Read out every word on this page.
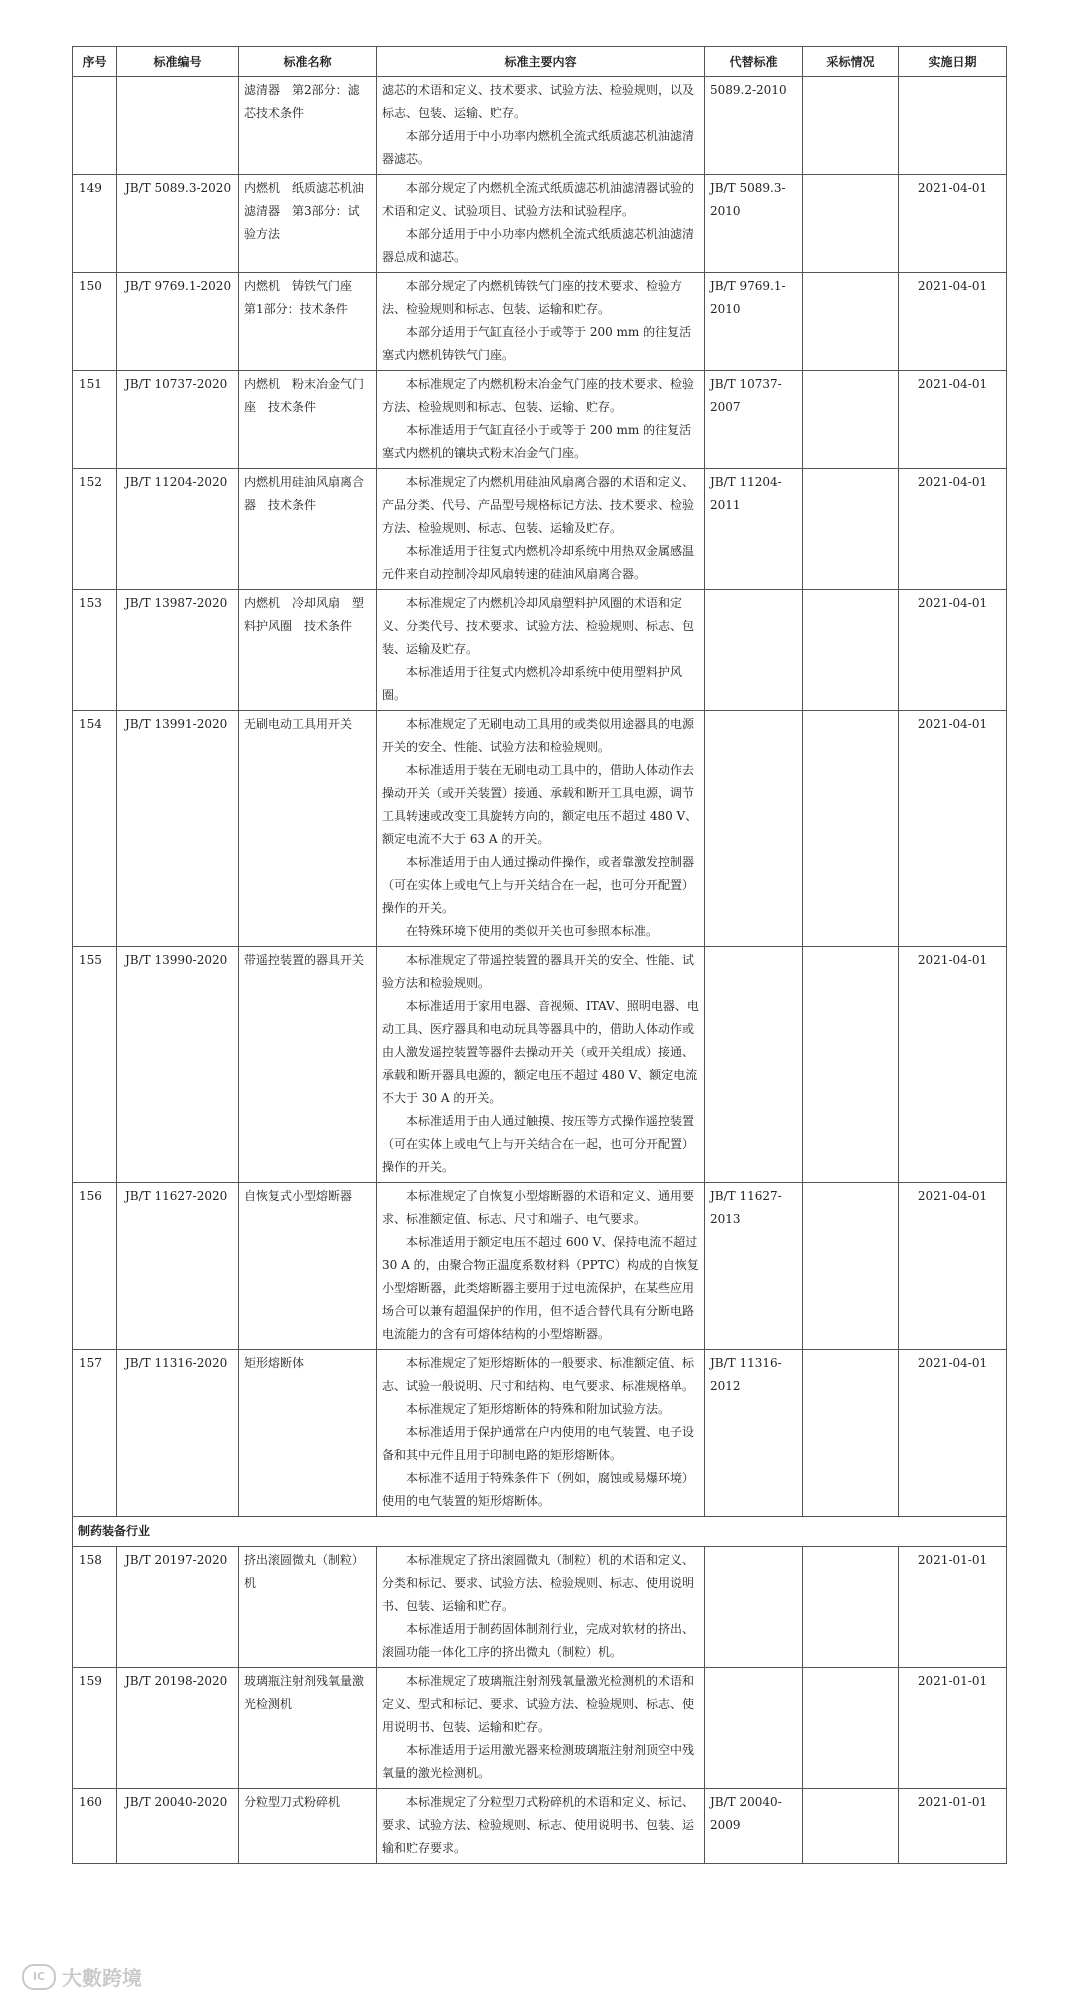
序号	标准编号	标准名称	标准主要内容	代替标准	采标情况	实施日期
		滤清器　第2部分：滤芯技术条件	滤芯的术语和定义、技术要求、试验方法、检验规则，以及标志、包装、运输、贮存。

本部分适用于中小功率内燃机全流式纸质滤芯机油滤清器滤芯。	5089.2-2010		
149	JB/T 5089.3-2020	内燃机　纸质滤芯机油滤清器　第3部分：试验方法	本部分规定了内燃机全流式纸质滤芯机油滤清器试验的术语和定义、试验项目、试验方法和试验程序。

本部分适用于中小功率内燃机全流式纸质滤芯机油滤清器总成和滤芯。	JB/T 5089.3-2010		2021-04-01
150	JB/T 9769.1-2020	内燃机　铸铁气门座　第1部分：技术条件	本部分规定了内燃机铸铁气门座的技术要求、检验方法、检验规则和标志、包装、运输和贮存。

本部分适用于气缸直径小于或等于 200 mm 的往复活塞式内燃机铸铁气门座。	JB/T 9769.1-2010		2021-04-01
151	JB/T 10737-2020	内燃机　粉末冶金气门座　技术条件	本标准规定了内燃机粉末冶金气门座的技术要求、检验方法、检验规则和标志、包装、运输、贮存。

本标准适用于气缸直径小于或等于 200 mm 的往复活塞式内燃机的镶块式粉末冶金气门座。	JB/T 10737-2007		2021-04-01
152	JB/T 11204-2020	内燃机用硅油风扇离合器　技术条件	本标准规定了内燃机用硅油风扇离合器的术语和定义、产品分类、代号、产品型号规格标记方法、技术要求、检验方法、检验规则、标志、包装、运输及贮存。

本标准适用于往复式内燃机冷却系统中用热双金属感温元件来自动控制冷却风扇转速的硅油风扇离合器。	JB/T 11204-2011		2021-04-01
153	JB/T 13987-2020	内燃机　冷却风扇　塑料护风圈　技术条件	本标准规定了内燃机冷却风扇塑料护风圈的术语和定义、分类代号、技术要求、试验方法、检验规则、标志、包装、运输及贮存。

本标准适用于往复式内燃机冷却系统中使用塑料护风圈。			2021-04-01
154	JB/T 13991-2020	无刷电动工具用开关	本标准规定了无刷电动工具用的或类似用途器具的电源开关的安全、性能、试验方法和检验规则。

本标准适用于装在无刷电动工具中的，借助人体动作去操动开关（或开关装置）接通、承载和断开工具电源，调节工具转速或改变工具旋转方向的，额定电压不超过 480 V、额定电流不大于 63 A 的开关。

本标准适用于由人通过操动件操作，或者靠激发控制器（可在实体上或电气上与开关结合在一起，也可分开配置）操作的开关。

在特殊环境下使用的类似开关也可参照本标准。			2021-04-01
155	JB/T 13990-2020	带遥控装置的器具开关	本标准规定了带遥控装置的器具开关的安全、性能、试验方法和检验规则。

本标准适用于家用电器、音视频、ITAV、照明电器、电动工具、医疗器具和电动玩具等器具中的，借助人体动作或由人激发遥控装置等器件去操动开关（或开关组成）接通、承载和断开器具电源的，额定电压不超过 480 V、额定电流不大于 30 A 的开关。

本标准适用于由人通过触摸、按压等方式操作遥控装置（可在实体上或电气上与开关结合在一起，也可分开配置）操作的开关。			2021-04-01
156	JB/T 11627-2020	自恢复式小型熔断器	本标准规定了自恢复小型熔断器的术语和定义、通用要求、标准额定值、标志、尺寸和端子、电气要求。

本标准适用于额定电压不超过 600 V、保持电流不超过 30 A 的，由聚合物正温度系数材料（PPTC）构成的自恢复小型熔断器，此类熔断器主要用于过电流保护，在某些应用场合可以兼有超温保护的作用，但不适合替代具有分断电路电流能力的含有可熔体结构的小型熔断器。	JB/T 11627-2013		2021-04-01
157	JB/T 11316-2020	矩形熔断体	本标准规定了矩形熔断体的一般要求、标准额定值、标志、试验一般说明、尺寸和结构、电气要求、标准规格单。

本标准规定了矩形熔断体的特殊和附加试验方法。

本标准适用于保护通常在户内使用的电气装置、电子设备和其中元件且用于印制电路的矩形熔断体。

本标准不适用于特殊条件下（例如，腐蚀或易爆环境）使用的电气装置的矩形熔断体。	JB/T 11316-2012		2021-04-01
制药装备行业						
158	JB/T 20197-2020	挤出滚圆微丸（制粒）机	本标准规定了挤出滚圆微丸（制粒）机的术语和定义、分类和标记、要求、试验方法、检验规则、标志、使用说明书、包装、运输和贮存。

本标准适用于制药固体制剂行业，完成对软材的挤出、滚圆功能一体化工序的挤出微丸（制粒）机。			2021-01-01
159	JB/T 20198-2020	玻璃瓶注射剂残氧量激光检测机	本标准规定了玻璃瓶注射剂残氧量激光检测机的术语和定义、型式和标记、要求、试验方法、检验规则、标志、使用说明书、包装、运输和贮存。

本标准适用于运用激光器来检测玻璃瓶注射剂顶空中残氧量的激光检测机。			2021-01-01
160	JB/T 20040-2020	分粒型刀式粉碎机	本标准规定了分粒型刀式粉碎机的术语和定义、标记、要求、试验方法、检验规则、标志、使用说明书、包装、运输和贮存要求。	JB/T 20040-2009		2021-01-01
IC 大數跨境
